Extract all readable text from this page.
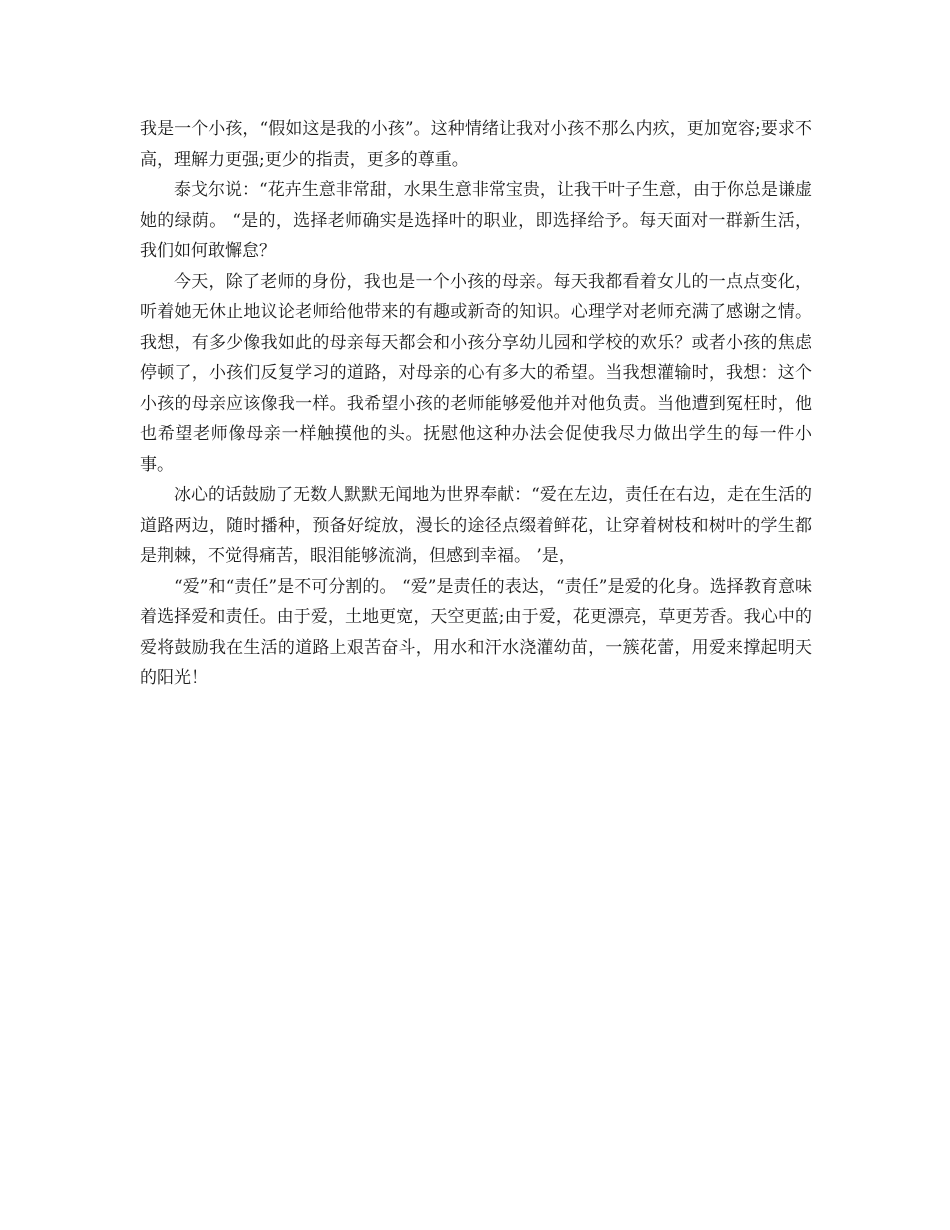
我是一个小孩，“假如这是我的小孩”。这种情绪让我对小孩不那么内疚，更加宽容;要求不高，理解力更强;更少的指责，更多的尊重。

泰戈尔说：“花卉生意非常甜，水果生意非常宝贵，让我干叶子生意，由于你总是谦虚她的绿荫。 “是的，选择老师确实是选择叶的职业，即选择给予。每天面对一群新生活，我们如何敢懈怠？

今天，除了老师的身份，我也是一个小孩的母亲。每天我都看着女儿的一点点变化，听着她无休止地议论老师给他带来的有趣或新奇的知识。心理学对老师充满了感谢之情。我想，有多少像我如此的母亲每天都会和小孩分享幼儿园和学校的欢乐？或者小孩的焦虑停顿了，小孩们反复学习的道路，对母亲的心有多大的希望。当我想灌输时，我想：这个小孩的母亲应该像我一样。我希望小孩的老师能够爱他并对他负责。当他遭到冤枉时，他也希望老师像母亲一样触摸他的头。抚慰他这种办法会促使我尽力做出学生的每一件小事。

冰心的话鼓励了无数人默默无闻地为世界奉献：“爱在左边，责任在右边，走在生活的道路两边，随时播种，预备好绽放，漫长的途径点缀着鲜花，让穿着树枝和树叶的学生都是荆棘，不觉得痛苦，眼泪能够流淌，但感到幸福。 ’是，

“爱”和“责任”是不可分割的。 “爱”是责任的表达，“责任”是爱的化身。选择教育意味着选择爱和责任。由于爱，土地更宽，天空更蓝;由于爱，花更漂亮，草更芳香。我心中的爱将鼓励我在生活的道路上艰苦奋斗，用水和汗水浇灌幼苗，一簇花蕾，用爱来撑起明天的阳光！
